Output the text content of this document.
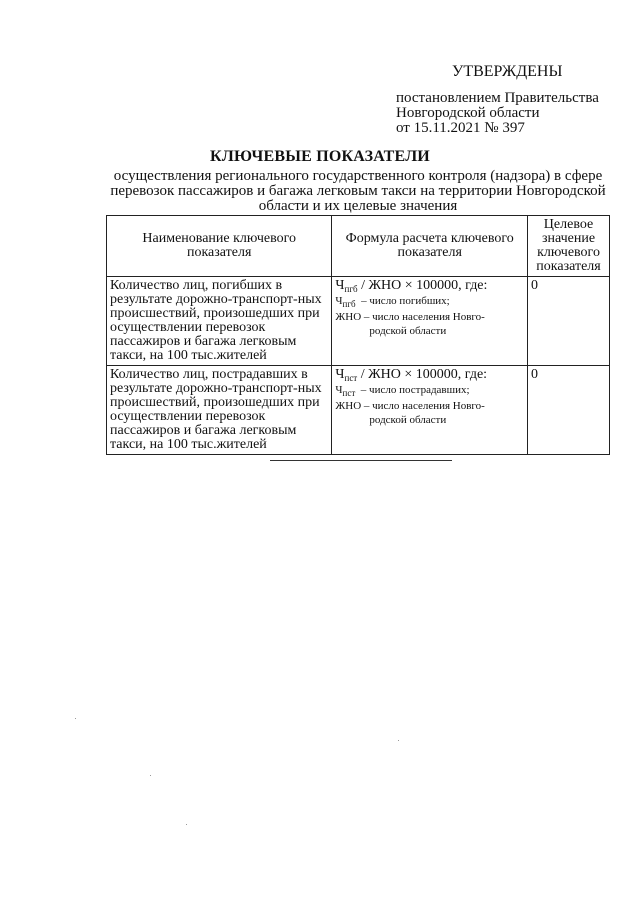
УТВЕРЖДЕНЫ
постановлением Правительства
Новгородской области
от 15.11.2021 № 397
КЛЮЧЕВЫЕ ПОКАЗАТЕЛИ
осуществления регионального государственного контроля (надзора) в сфере перевозок пассажиров и багажа легковым такси на территории Новгородской области и их целевые значения
Наименование ключевого показателя	Формула расчета ключевого показателя	Целевое значение ключевого показателя
Количество лиц, погибших в результате дорожно-транспорт-ных происшествий, произошедших при осуществлении перевозок пассажиров и багажа легковым такси, на 100 тыс.жителей	$Ч_{пгб}$ / ЖНО × 100000, где:
$Ч_{пгб}$  – число погибших;
ЖНО – число населения Новго-
родской области	0
Количество лиц, пострадавших в результате дорожно-транспорт-ных происшествий, произошедших при осуществлении перевозок пассажиров и багажа легковым такси, на 100 тыс.жителей	$Ч_{пст}$ / ЖНО × 100000, где:
$Ч_{пст}$  – число пострадавших;
ЖНО – число населения Новго-
родской области	0
